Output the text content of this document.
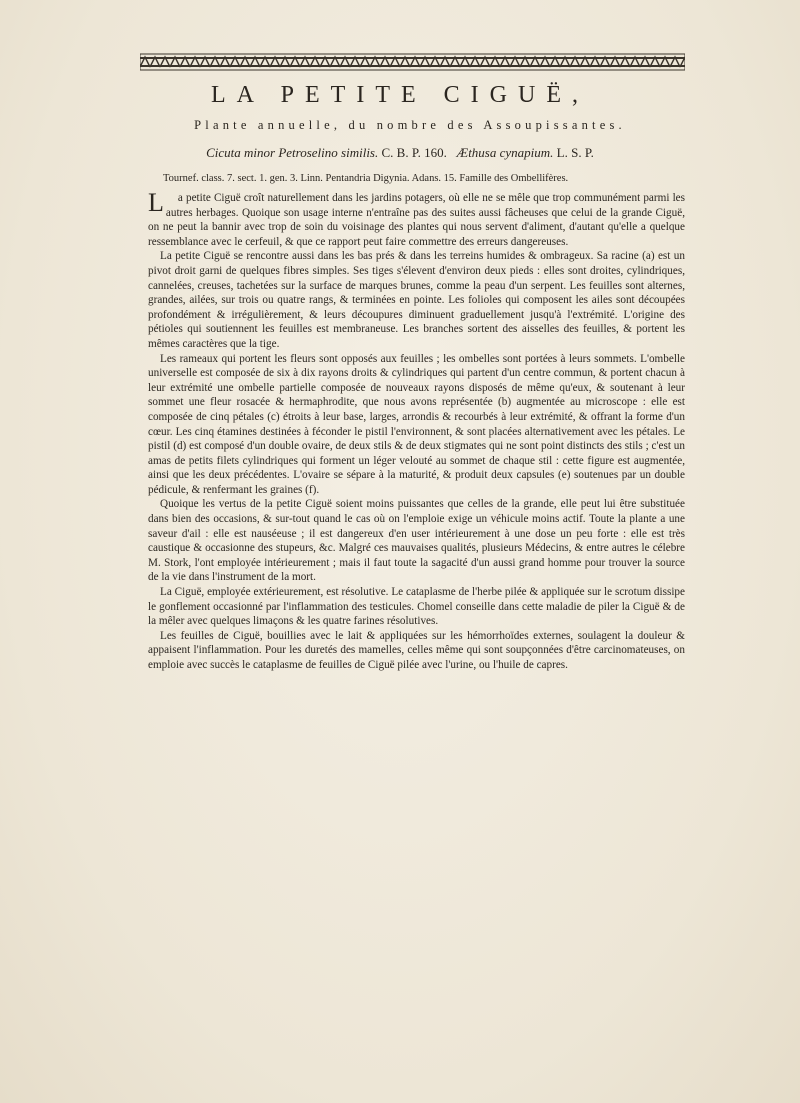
LA PETITE CIGUË,
Plante annuelle, du nombre des Assoupissantes.
Cicuta minor Petroselino similis. C. B. P. 160. Æthusa cynapium. L. S. P.
Tournef. class. 7. sect. 1. gen. 3. Linn. Pentandria Digynia. Adans. 15. Famille des Ombellifères.

L a petite Ciguë croît naturellement dans les jardins potagers, où elle ne se mêle que trop communément parmi les autres herbages. Quoique son usage interne n'entraîne pas des suites aussi fâcheuses que celui de la grande Ciguë, on ne peut la bannir avec trop de soin du voisinage des plantes qui nous servent d'aliment, d'autant qu'elle a quelque ressemblance avec le cerfeuil, & que ce rapport peut faire commettre des erreurs dangereuses.

La petite Ciguë se rencontre aussi dans les bas prés & dans les terreins humides & ombrageux. Sa racine (a) est un pivot droit garni de quelques fibres simples. Ses tiges s'élevent d'environ deux pieds : elles sont droites, cylindriques, cannelées, creuses, tachetées sur la surface de marques brunes, comme la peau d'un serpent. Les feuilles sont alternes, grandes, ailées, sur trois ou quatre rangs, & terminées en pointe. Les folioles qui composent les ailes sont découpées profondément & irrégulièrement, & leurs découpures diminuent graduellement jusqu'à l'extrémité. L'origine des pétioles qui soutiennent les feuilles est membraneuse. Les branches sortent des aisselles des feuilles, & portent les mêmes caractères que la tige.

Les rameaux qui portent les fleurs sont opposés aux feuilles ; les ombelles sont portées à leurs sommets. L'ombelle universelle est composée de six à dix rayons droits & cylindriques qui partent d'un centre commun, & portent chacun à leur extrémité une ombelle partielle composée de nouveaux rayons disposés de même qu'eux, & soutenant à leur sommet une fleur rosacée & hermaphrodite, que nous avons représentée (b) augmentée au microscope : elle est composée de cinq pétales (c) étroits à leur base, larges, arrondis & recourbés à leur extrémité, & offrant la forme d'un cœur. Les cinq étamines destinées à féconder le pistil l'environnent, & sont placées alternativement avec les pétales. Le pistil (d) est composé d'un double ovaire, de deux stils & de deux stigmates qui ne sont point distincts des stils ; c'est un amas de petits filets cylindriques qui forment un léger velouté au sommet de chaque stil : cette figure est augmentée, ainsi que les deux précédentes. L'ovaire se sépare à la maturité, & produit deux capsules (e) soutenues par un double pédicule, & renfermant les graines (f).

Quoique les vertus de la petite Ciguë soient moins puissantes que celles de la grande, elle peut lui être substituée dans bien des occasions, & sur-tout quand le cas où on l'emploie exige un véhicule moins actif. Toute la plante a une saveur d'ail : elle est nauséeuse ; il est dangereux d'en user intérieurement à une dose un peu forte : elle est très caustique & occasionne des stupeurs, &c. Malgré ces mauvaises qualités, plusieurs Médecins, & entre autres le célebre M. Stork, l'ont employée intérieurement ; mais il faut toute la sagacité d'un aussi grand homme pour trouver la source de la vie dans l'instrument de la mort.

La Ciguë, employée extérieurement, est résolutive. Le cataplasme de l'herbe pilée & appliquée sur le scrotum dissipe le gonflement occasionné par l'inflammation des testicules. Chomel conseille dans cette maladie de piler la Ciguë & de la mêler avec quelques limaçons & les quatre farines résolutives.

Les feuilles de Ciguë, bouillies avec le lait & appliquées sur les hémorrhoïdes externes, soulagent la douleur & appaisent l'inflammation. Pour les duretés des mamelles, celles même qui sont soupçonnées d'être carcinomateuses, on emploie avec succès le cataplasme de feuilles de Ciguë pilée avec l'urine, ou l'huile de capres.
